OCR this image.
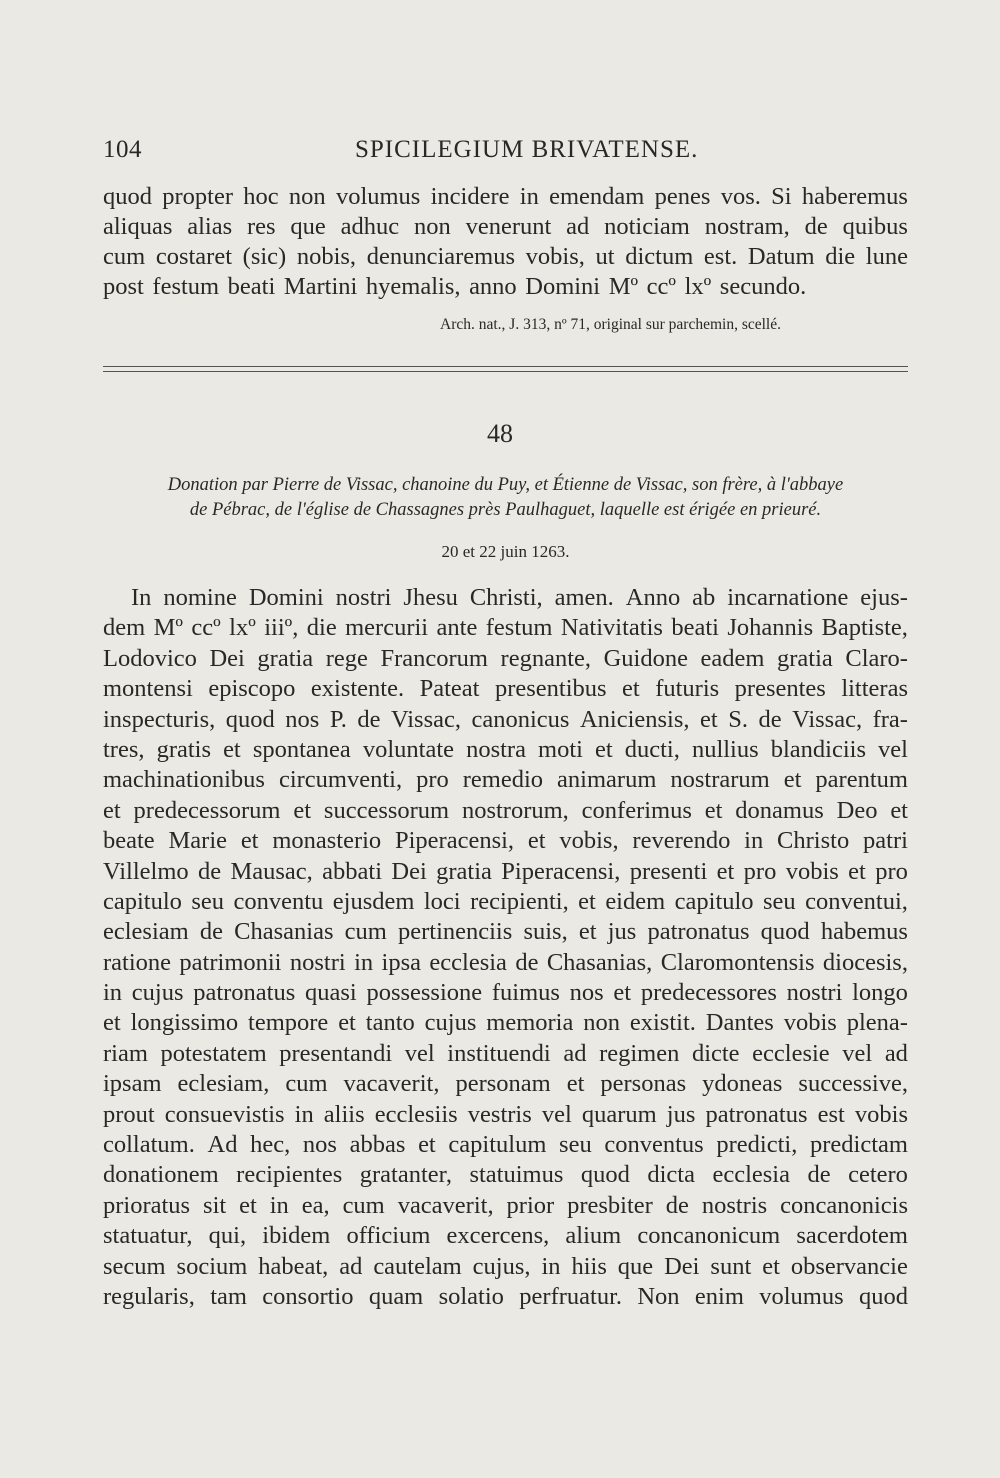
104	SPICILEGIUM BRIVATENSE.
quod propter hoc non volumus incidere in emendam penes vos. Si haberemus
aliquas alias res que adhuc non venerunt ad noticiam nostram, de quibus
cum costaret (sic) nobis, denunciaremus vobis, ut dictum est. Datum die lune
post festum beati Martini hyemalis, anno Domini Mº ccº lxº secundo.
Arch. nat., J. 313, nº 71, original sur parchemin, scellé.
48
Donation par Pierre de Vissac, chanoine du Puy, et Étienne de Vissac, son frère, à l'abbaye
de Pébrac, de l'église de Chassagnes près Paulhaguet, laquelle est érigée en prieuré.
20 et 22 juin 1263.
In nomine Domini nostri Jhesu Christi, amen. Anno ab incarnatione ejus-
dem Mº ccº lxº iiiº, die mercurii ante festum Nativitatis beati Johannis Baptiste,
Lodovico Dei gratia rege Francorum regnante, Guidone eadem gratia Claro-
montensi episcopo existente. Pateat presentibus et futuris presentes litteras
inspecturis, quod nos P. de Vissac, canonicus Aniciensis, et S. de Vissac, fra-
tres, gratis et spontanea voluntate nostra moti et ducti, nullius blandiciis vel
machinationibus circumventi, pro remedio animarum nostrarum et parentum
et predecessorum et successorum nostrorum, conferimus et donamus Deo et
beate Marie et monasterio Piperacensi, et vobis, reverendo in Christo patri
Villelmo de Mausac, abbati Dei gratia Piperacensi, presenti et pro vobis et pro
capitulo seu conventu ejusdem loci recipienti, et eidem capitulo seu conventui,
eclesiam de Chasanias cum pertinenciis suis, et jus patronatus quod habemus
ratione patrimonii nostri in ipsa ecclesia de Chasanias, Claromontensis diocesis,
in cujus patronatus quasi possessione fuimus nos et predecessores nostri longo
et longissimo tempore et tanto cujus memoria non existit. Dantes vobis plena-
riam potestatem presentandi vel instituendi ad regimen dicte ecclesie vel ad
ipsam eclesiam, cum vacaverit, personam et personas ydoneas successive,
prout consuevistis in aliis ecclesiis vestris vel quarum jus patronatus est vobis
collatum. Ad hec, nos abbas et capitulum seu conventus predicti, predictam
donationem recipientes gratanter, statuimus quod dicta ecclesia de cetero
prioratus sit et in ea, cum vacaverit, prior presbiter de nostris concanonicis
statuatur, qui, ibidem officium excercens, alium concanonicum sacerdotem
secum socium habeat, ad cautelam cujus, in hiis que Dei sunt et observancie
regularis, tam consortio quam solatio perfruatur. Non enim volumus quod
